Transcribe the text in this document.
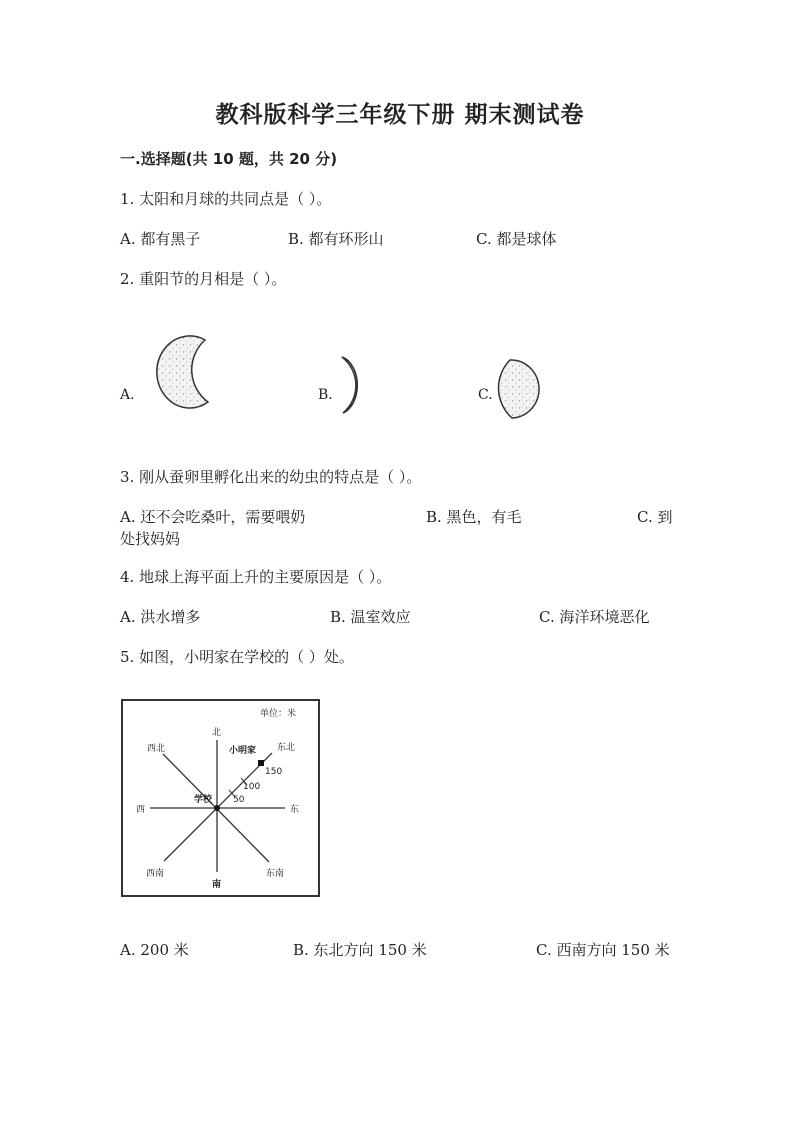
教科版科学三年级下册 期末测试卷
一.选择题(共 10 题，共 20 分)
1. 太阳和月球的共同点是（ ）。
A. 都有黑子	B. 都有环形山	C. 都是球体
2. 重阳节的月相是（ ）。
A.	B.	C.
3. 刚从蚕卵里孵化出来的幼虫的特点是（ ）。
A. 还不会吃桑叶，需要喂奶	B. 黑色，有毛	C. 到
处找妈妈
4. 地球上海平面上升的主要原因是（ ）。
A. 洪水增多	B. 温室效应	C. 海洋环境恶化
5. 如图，小明家在学校的（ ）处。
单位：米
北
南
西	东
西北	东北
西南	东南
学校
小明家
50
100
150
A. 200 米	B. 东北方向 150 米	C. 西南方向 150 米
